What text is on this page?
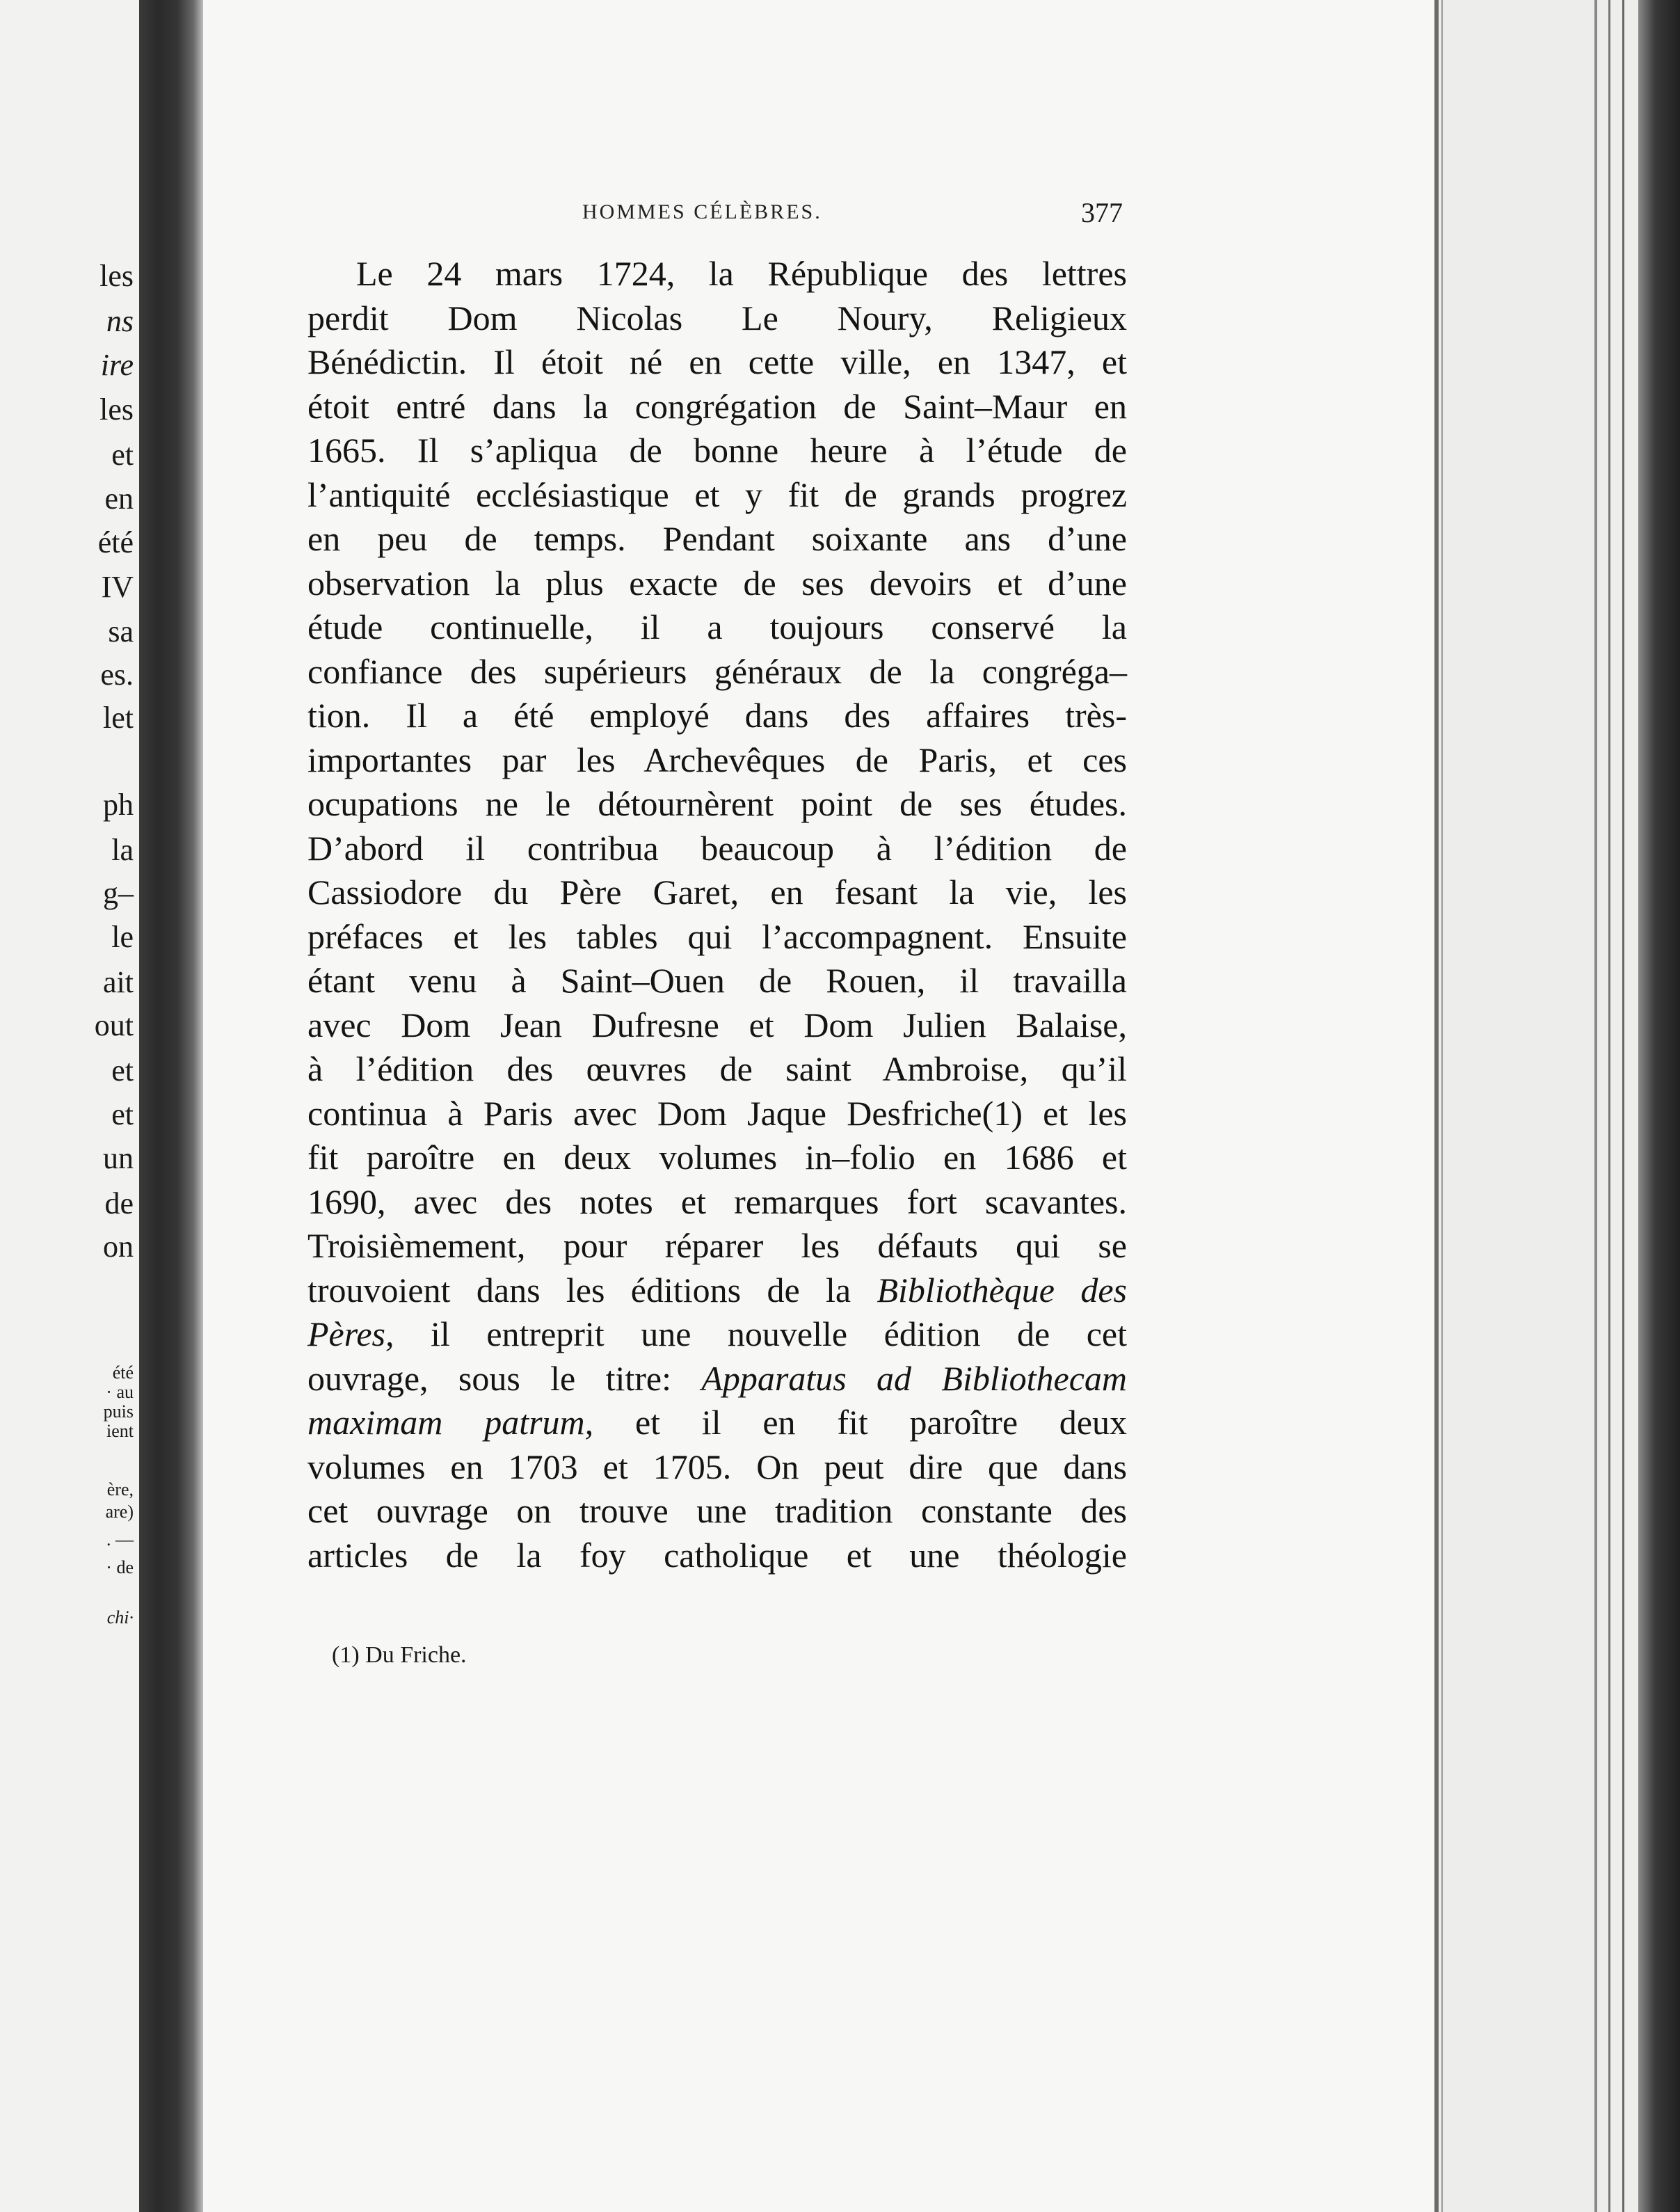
les
ns
ire
les
et
en
été
IV
sa
es.
let
ph
la
g–
le
ait
out
et
et
un
de
on
été
· au
puis
ient
ère,
are)
. —
· de
chi·
HOMMES CÉLÈBRES.	377
Le 24 mars 1724, la République des lettres
perdit Dom Nicolas Le Noury, Religieux
Bénédictin. Il étoit né en cette ville, en 1347, et
étoit entré dans la congrégation de Saint–Maur en
1665. Il s’apliqua de bonne heure à l’étude de
l’antiquité ecclésiastique et y fit de grands progrez
en peu de temps. Pendant soixante ans d’une
observation la plus exacte de ses devoirs et d’une
étude continuelle, il a toujours conservé la
confiance des supérieurs généraux de la congréga–
tion. Il a été employé dans des affaires très-
importantes par les Archevêques de Paris, et ces
ocupations ne le détournèrent point de ses études.
D’abord il contribua beaucoup à l’édition de
Cassiodore du Père Garet, en fesant la vie, les
préfaces et les tables qui l’accompagnent. Ensuite
étant venu à Saint–Ouen de Rouen, il travailla
avec Dom Jean Dufresne et Dom Julien Balaise,
à l’édition des œuvres de saint Ambroise, qu’il
continua à Paris avec Dom Jaque Desfriche(1) et les
fit paroître en deux volumes in–folio en 1686 et
1690, avec des notes et remarques fort scavantes.
Troisièmement, pour réparer les défauts qui se
trouvoient dans les éditions de la Bibliothèque des
Pères, il entreprit une nouvelle édition de cet
ouvrage, sous le titre: Apparatus ad Bibliothecam
maximam patrum, et il en fit paroître deux
volumes en 1703 et 1705. On peut dire que dans
cet ouvrage on trouve une tradition constante des
articles de la foy catholique et une théologie
(1) Du Friche.
